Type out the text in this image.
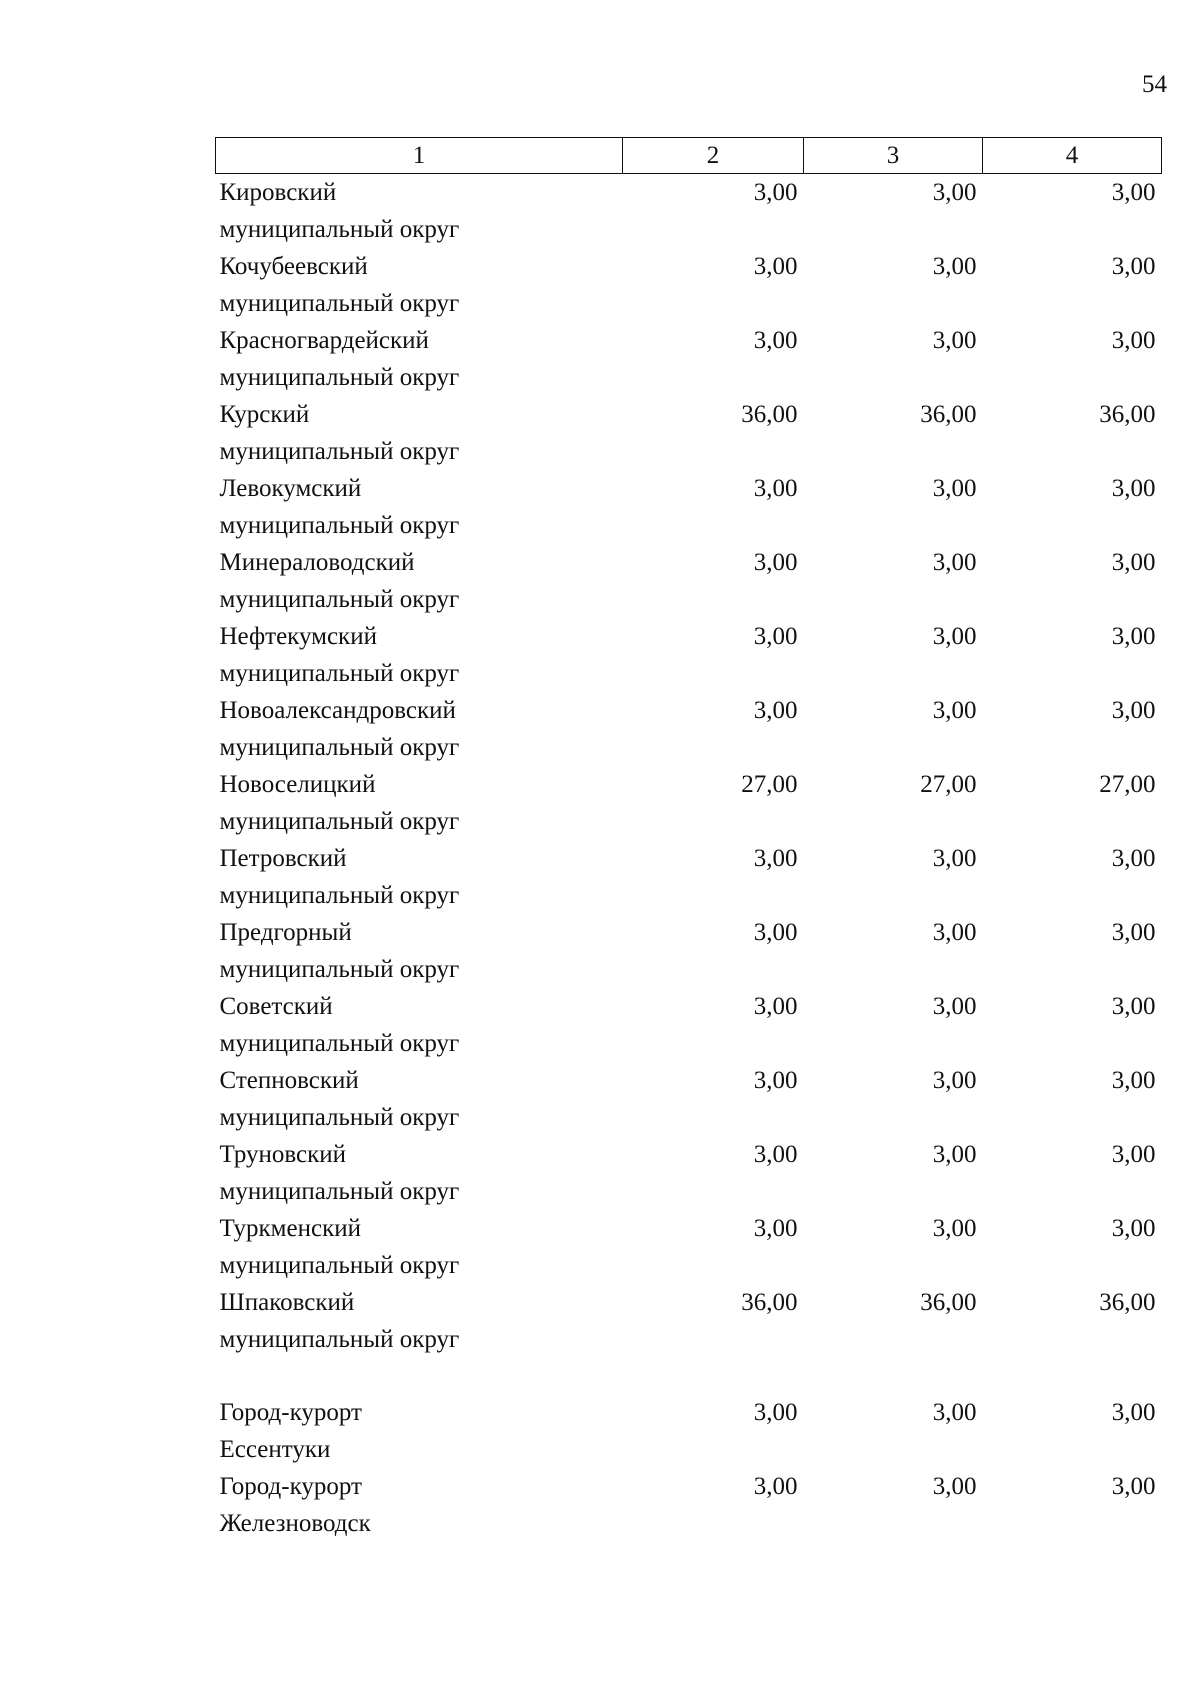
54
1	2	3	4

Кировский
муниципальный округ	3,00	3,00	3,00

Кочубеевский
муниципальный округ	3,00	3,00	3,00

Красногвардейский
муниципальный округ	3,00	3,00	3,00

Курский
муниципальный округ	36,00	36,00	36,00

Левокумский
муниципальный округ	3,00	3,00	3,00

Минераловодский
муниципальный округ	3,00	3,00	3,00

Нефтекумский
муниципальный округ	3,00	3,00	3,00

Новоалександровский
муниципальный округ	3,00	3,00	3,00

Новоселицкий
муниципальный округ	27,00	27,00	27,00

Петровский
муниципальный округ	3,00	3,00	3,00

Предгорный
муниципальный округ	3,00	3,00	3,00

Советский
муниципальный округ	3,00	3,00	3,00

Степновский
муниципальный округ	3,00	3,00	3,00

Труновский
муниципальный округ	3,00	3,00	3,00

Туркменский
муниципальный округ	3,00	3,00	3,00

Шпаковский
муниципальный округ	36,00	36,00	36,00

Город-курорт
Ессентуки	3,00	3,00	3,00

Город-курорт
Железноводск	3,00	3,00	3,00
